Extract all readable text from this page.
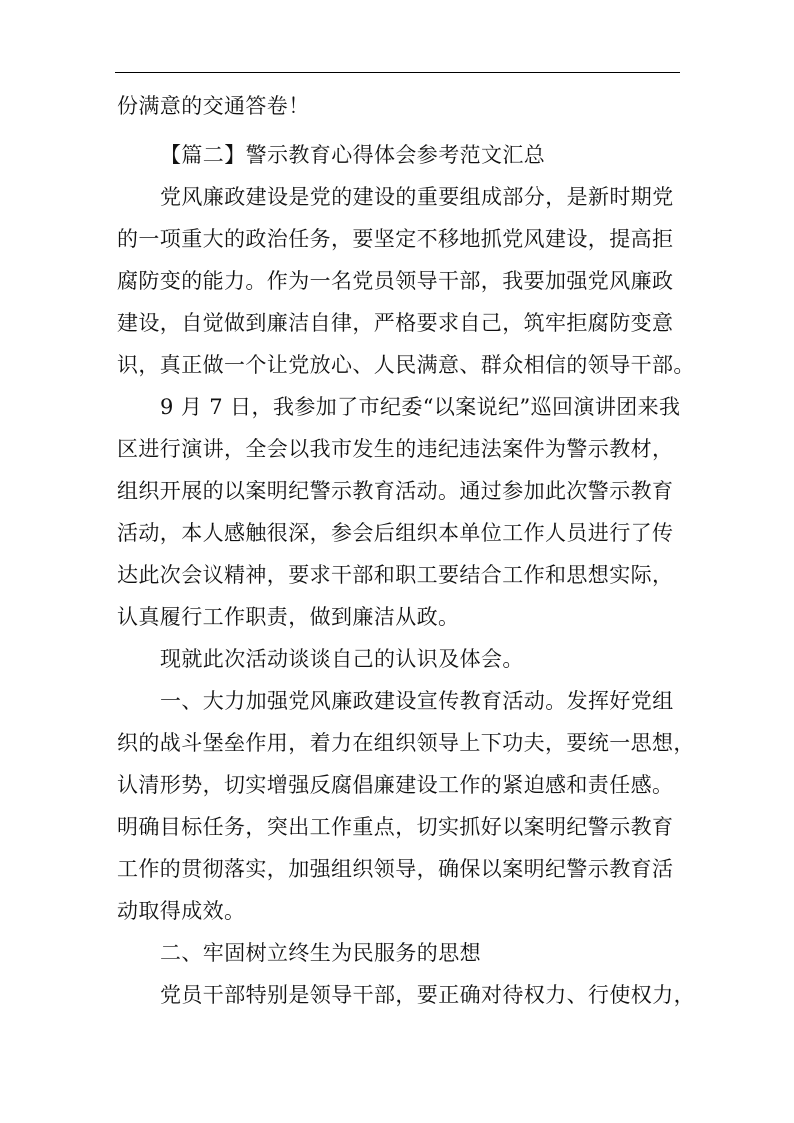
份满意的交通答卷！
【篇二】警示教育心得体会参考范文汇总
党风廉政建设是党的建设的重要组成部分，是新时期党
的一项重大的政治任务，要坚定不移地抓党风建设，提高拒
腐防变的能力。作为一名党员领导干部，我要加强党风廉政
建设，自觉做到廉洁自律，严格要求自己，筑牢拒腐防变意
识，真正做一个让党放心、人民满意、群众相信的领导干部。
9 月 7 日，我参加了市纪委“以案说纪”巡回演讲团来我
区进行演讲，全会以我市发生的违纪违法案件为警示教材，
组织开展的以案明纪警示教育活动。通过参加此次警示教育
活动，本人感触很深，参会后组织本单位工作人员进行了传
达此次会议精神，要求干部和职工要结合工作和思想实际，
认真履行工作职责，做到廉洁从政。
现就此次活动谈谈自己的认识及体会。
一、大力加强党风廉政建设宣传教育活动。发挥好党组
织的战斗堡垒作用，着力在组织领导上下功夫，要统一思想，
认清形势，切实增强反腐倡廉建设工作的紧迫感和责任感。
明确目标任务，突出工作重点，切实抓好以案明纪警示教育
工作的贯彻落实，加强组织领导，确保以案明纪警示教育活
动取得成效。
二、牢固树立终生为民服务的思想
党员干部特别是领导干部，要正确对待权力、行使权力，
